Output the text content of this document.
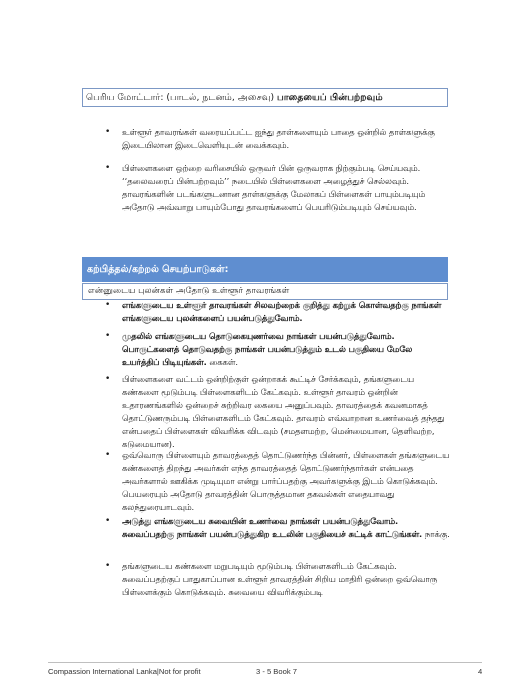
பெரிய மோட்டார்: (பாடல், நடனம், அசைவு) பாதையைப் பின்பற்றவும்

• உள்ளூர் தாவரங்கள் வரையப்பட்ட ஐந்து தாள்களையும் பாதை ஒன்றில் தாள்களுக்கு இடையிலான இடைவெளியுடன் வைக்கவும்.

• பிள்ளைகளை ஒற்றை வரிசையில் ஒருவர் பின் ஒருவராக நிற்கும்படி செய்யவும். ‘‘தலைவரைப் பின்பற்றவும்’’ நடையில் பிள்ளைகளை அழைத்துச் செல்லவும். தாவரங்களின் படங்களுடனான தாள்களுக்கு மேலாகப் பிள்ளைகள் பாயும்படியும் அதோடு அவ்வாறு பாயும்போது தாவரங்களைப் பெயரிடும்படியும் செய்யவும்.

கற்பித்தல்/கற்றல் செயற்பாடுகள்:
என்னுடைய புலன்கள் அதோடு உள்ளூர் தாவரங்கள்

• எங்களுடைய உள்ளூர் தாவரங்கள் சிலவற்றைக் குறித்து கற்றுக் கொள்வதற்கு நாங்கள் எங்களுடைய புலன்களைப் பயன்படுத்துவோம்.

• முதலில் எங்களுடைய தொடுகையுணர்வை நாங்கள் பயன்படுத்துவோம். பொருட்களைத் தொடுவதற்கு நாங்கள் பயன்படுத்தும் உடல் பகுதியை மேலே உயர்த்திப் பிடியுங்கள். கைகள்.

• பிள்ளைகளை வட்டம் ஒன்றிற்குள் ஒன்றாகக் கூட்டிச் சேர்க்கவும், தங்களுடைய கண்களை மூடும்படி பிள்ளைகளிடம் கேட்கவும். உள்ளூர் தாவரம் ஒன்றின் உதாரணங்களில் ஒன்றைச் சுற்றிவர கையை அனுப்பவும். தாவரத்தைக் கவனமாகத் தொட்டுணரும்படி பிள்ளைகளிடம் கேட்கவும். தாவரம் எவ்வாறான உணர்வைத் தந்தது என்பதைப் பிள்ளைகள் விவரிக்க விடவும் (சமதளமற்ற, மென்மையான, தெளிவற்ற, கடுமையான).

• ஒவ்வொரு பிள்ளையும் தாவரத்தைத் தொட்டுணர்ந்த பின்னர், பிள்ளைகள் தங்களுடைய கண்களைத் திறந்து அவர்கள் எந்த தாவரத்தைத் தொட்டுணர்ந்தார்கள் என்பதை அவர்களால் ஊகிக்க முடியுமா என்று பார்ப்பதற்கு அவர்களுக்கு இடம் கொடுக்கவும். பெயரையும் அதோடு தாவரத்தின் பொருத்தமான தகவல்கள் எதையாவது கலந்துரையாடவும்.

• அடுத்து எங்களுடைய சுவையின் உணர்வை நாங்கள் பயன்படுத்துவோம். சுவைப்பதற்கு நாங்கள் பயன்படுத்துகிற உடலின் பகுதியைச் சுட்டிக் காட்டுங்கள். நாக்கு.

• தங்களுடைய கண்களை மறுபடியும் மூடும்படி பிள்ளைகளிடம் கேட்கவும். சுவைப்பதற்குப் பாதுகாப்பான உள்ளூர் தாவரத்தின் சிறிய மாதிரி ஒன்றை ஒவ்வொரு பிள்ளைக்கும் கொடுக்கவும். சுவையை விவரிக்கும்படி

Compassion International Lanka|Not for profit	3 - 5 Book 7	4
